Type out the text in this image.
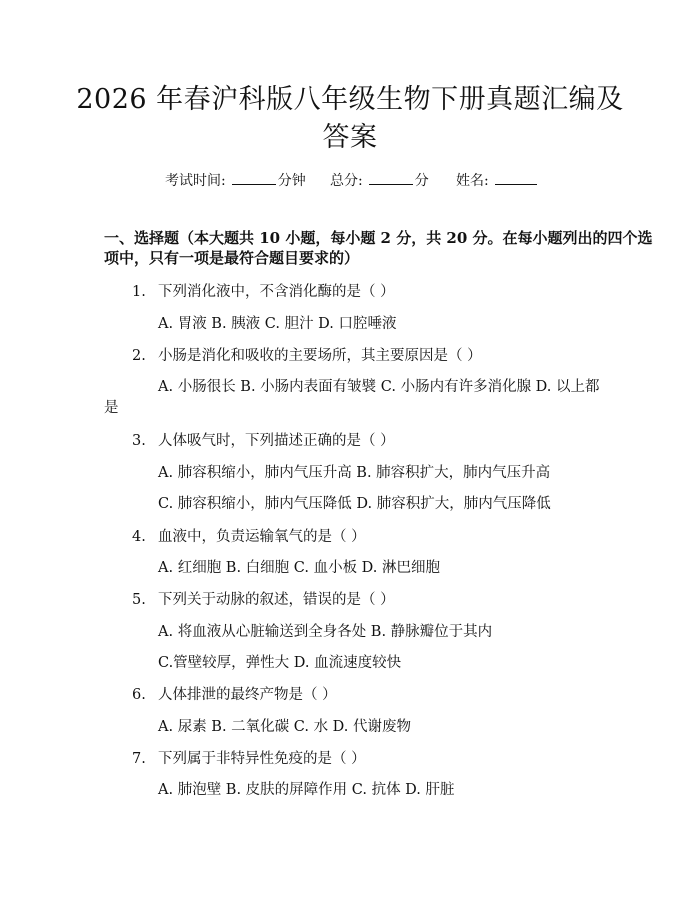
2026 年春沪科版八年级生物下册真题汇编及
答案
考试时间:	分钟 总分:	分 姓名:
一、选择题（本大题共 10 小题，每小题 2 分，共 20 分。在每小题列出的四个选
项中，只有一项是最符合题目要求的）
1. 下列消化液中，不含消化酶的是（ ）
A. 胃液 B. 胰液 C. 胆汁 D. 口腔唾液
2. 小肠是消化和吸收的主要场所，其主要原因是（ ）
A. 小肠很长 B. 小肠内表面有皱襞 C. 小肠内有许多消化腺 D. 以上都
是
3. 人体吸气时，下列描述正确的是（ ）
A. 肺容积缩小，肺内气压升高 B. 肺容积扩大，肺内气压升高
C. 肺容积缩小，肺内气压降低 D. 肺容积扩大，肺内气压降低
4. 血液中，负责运输氧气的是（ ）
A. 红细胞 B. 白细胞 C. 血小板 D. 淋巴细胞
5. 下列关于动脉的叙述，错误的是（ ）
A. 将血液从心脏输送到全身各处 B. 静脉瓣位于其内
C.管壁较厚，弹性大 D. 血流速度较快
6. 人体排泄的最终产物是（ ）
A. 尿素 B. 二氧化碳 C. 水 D. 代谢废物
7. 下列属于非特异性免疫的是（ ）
A. 肺泡壁 B. 皮肤的屏障作用 C. 抗体 D. 肝脏
